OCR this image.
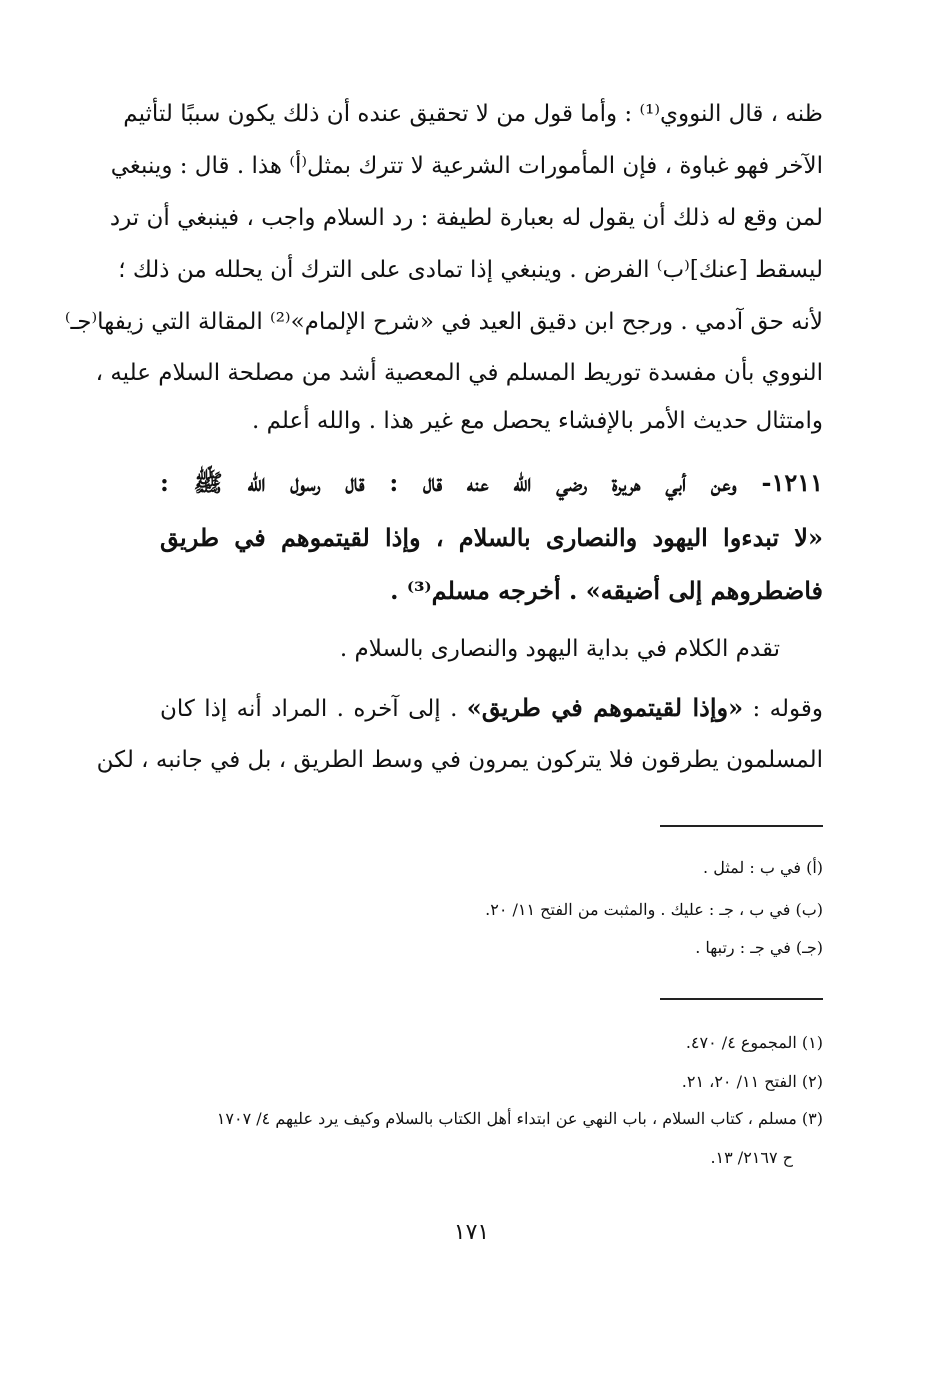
ظنه ، قال النووي⁽¹⁾ : وأما قول من لا تحقيق عنده أن ذلك يكون سببًا لتأثيم
الآخر فهو غباوة ، فإن المأمورات الشرعية لا تترك بمثل⁽أ⁾ هذا . قال : وينبغي
لمن وقع له ذلك أن يقول له بعبارة لطيفة : رد السلام واجب ، فينبغي أن ترد
ليسقط [عنك]⁽ب⁾ الفرض . وينبغي إذا تمادى على الترك أن يحلله من ذلك ؛
لأنه حق آدمي . ورجح ابن دقيق العيد في «شرح الإلمام»⁽²⁾ المقالة التي زيفها⁽جـ⁾
النووي بأن مفسدة توريط المسلم في المعصية أشد من مصلحة السلام عليه ،
وامتثال حديث الأمر بالإفشاء يحصل مع غير هذا . والله أعلم .
١٢١١- وعن أبي هريرة رضي الله عنه قال : قال رسول الله ﷺ :
«لا تبدءوا اليهود والنصارى بالسلام ، وإذا لقيتموهم في طريق
فاضطروهم إلى أضيقه» . أخرجه مسلم⁽³⁾ .
تقدم الكلام في بداية اليهود والنصارى بالسلام .
وقوله : «وإذا لقيتموهم في طريق» . إلى آخره . المراد أنه إذا كان
المسلمون يطرقون فلا يتركون يمرون في وسط الطريق ، بل في جانبه ، لكن
(أ) في ب : لمثل .
(ب) في ب ، جـ : عليك . والمثبت من الفتح ١١/ ٢٠.
(جـ) في جـ : رتبها .
(١) المجموع ٤/ ٤٧٠.
(٢) الفتح ١١/ ٢٠، ٢١.
(٣) مسلم ، كتاب السلام ، باب النهي عن ابتداء أهل الكتاب بالسلام وكيف يرد عليهم ٤/ ١٧٠٧
ح ٢١٦٧/ ١٣.
١٧١
